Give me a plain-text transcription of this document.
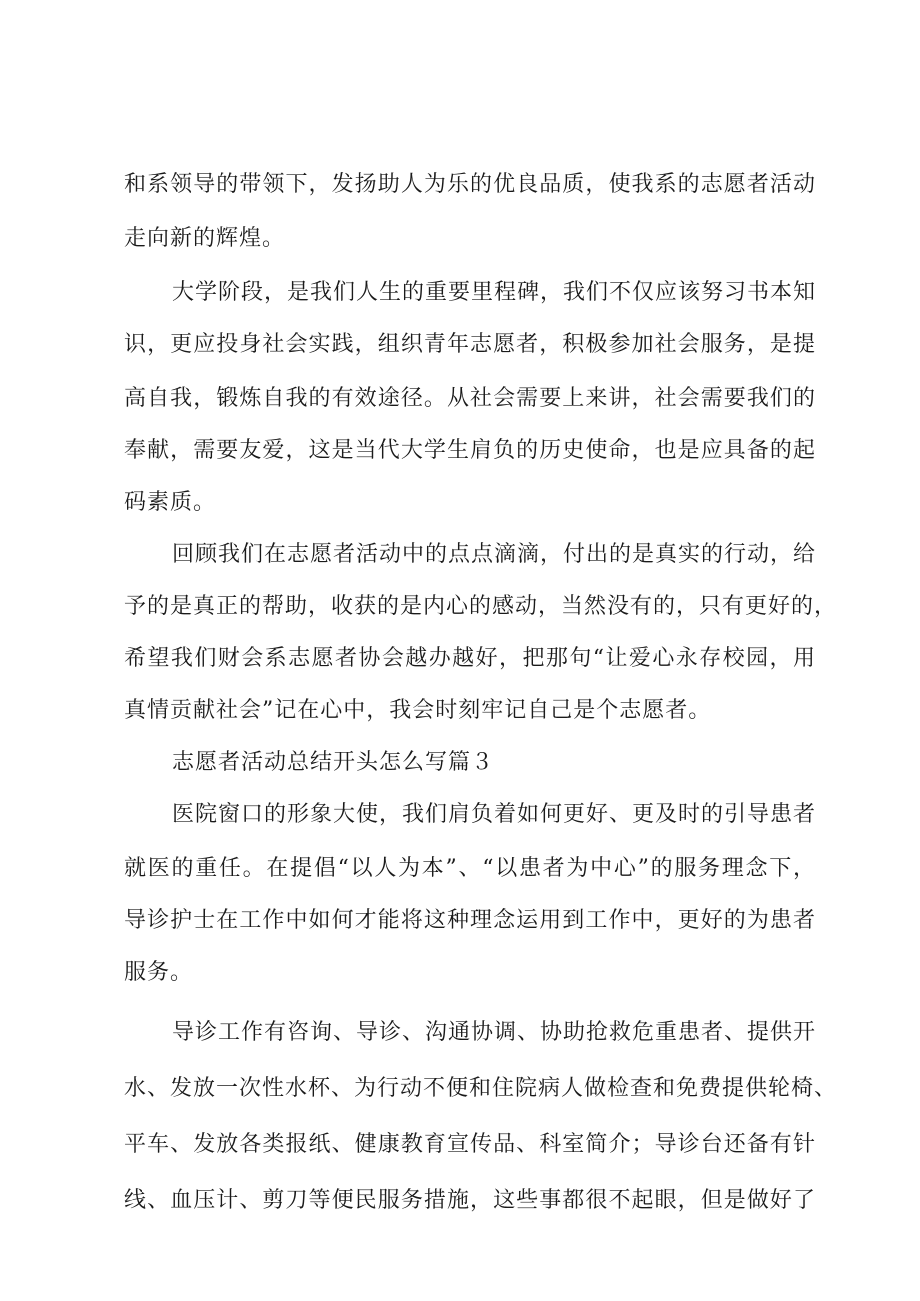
和系领导的带领下，发扬助人为乐的优良品质，使我系的志愿者活动
走向新的辉煌。
大学阶段，是我们人生的重要里程碑，我们不仅应该努习书本知
识，更应投身社会实践，组织青年志愿者，积极参加社会服务，是提
高自我，锻炼自我的有效途径。从社会需要上来讲，社会需要我们的
奉献，需要友爱，这是当代大学生肩负的历史使命，也是应具备的起
码素质。
回顾我们在志愿者活动中的点点滴滴，付出的是真实的行动，给
予的是真正的帮助，收获的是内心的感动，当然没有的，只有更好的，
希望我们财会系志愿者协会越办越好，把那句“让爱心永存校园，用
真情贡献社会”记在心中，我会时刻牢记自己是个志愿者。
志愿者活动总结开头怎么写篇３
医院窗口的形象大使，我们肩负着如何更好、更及时的引导患者
就医的重任。在提倡“以人为本”、“以患者为中心”的服务理念下，
导诊护士在工作中如何才能将这种理念运用到工作中，更好的为患者
服务。
导诊工作有咨询、导诊、沟通协调、协助抢救危重患者、提供开
水、发放一次性水杯、为行动不便和住院病人做检查和免费提供轮椅、
平车、发放各类报纸、健康教育宣传品、科室简介；导诊台还备有针
线、血压计、剪刀等便民服务措施，这些事都很不起眼，但是做好了
